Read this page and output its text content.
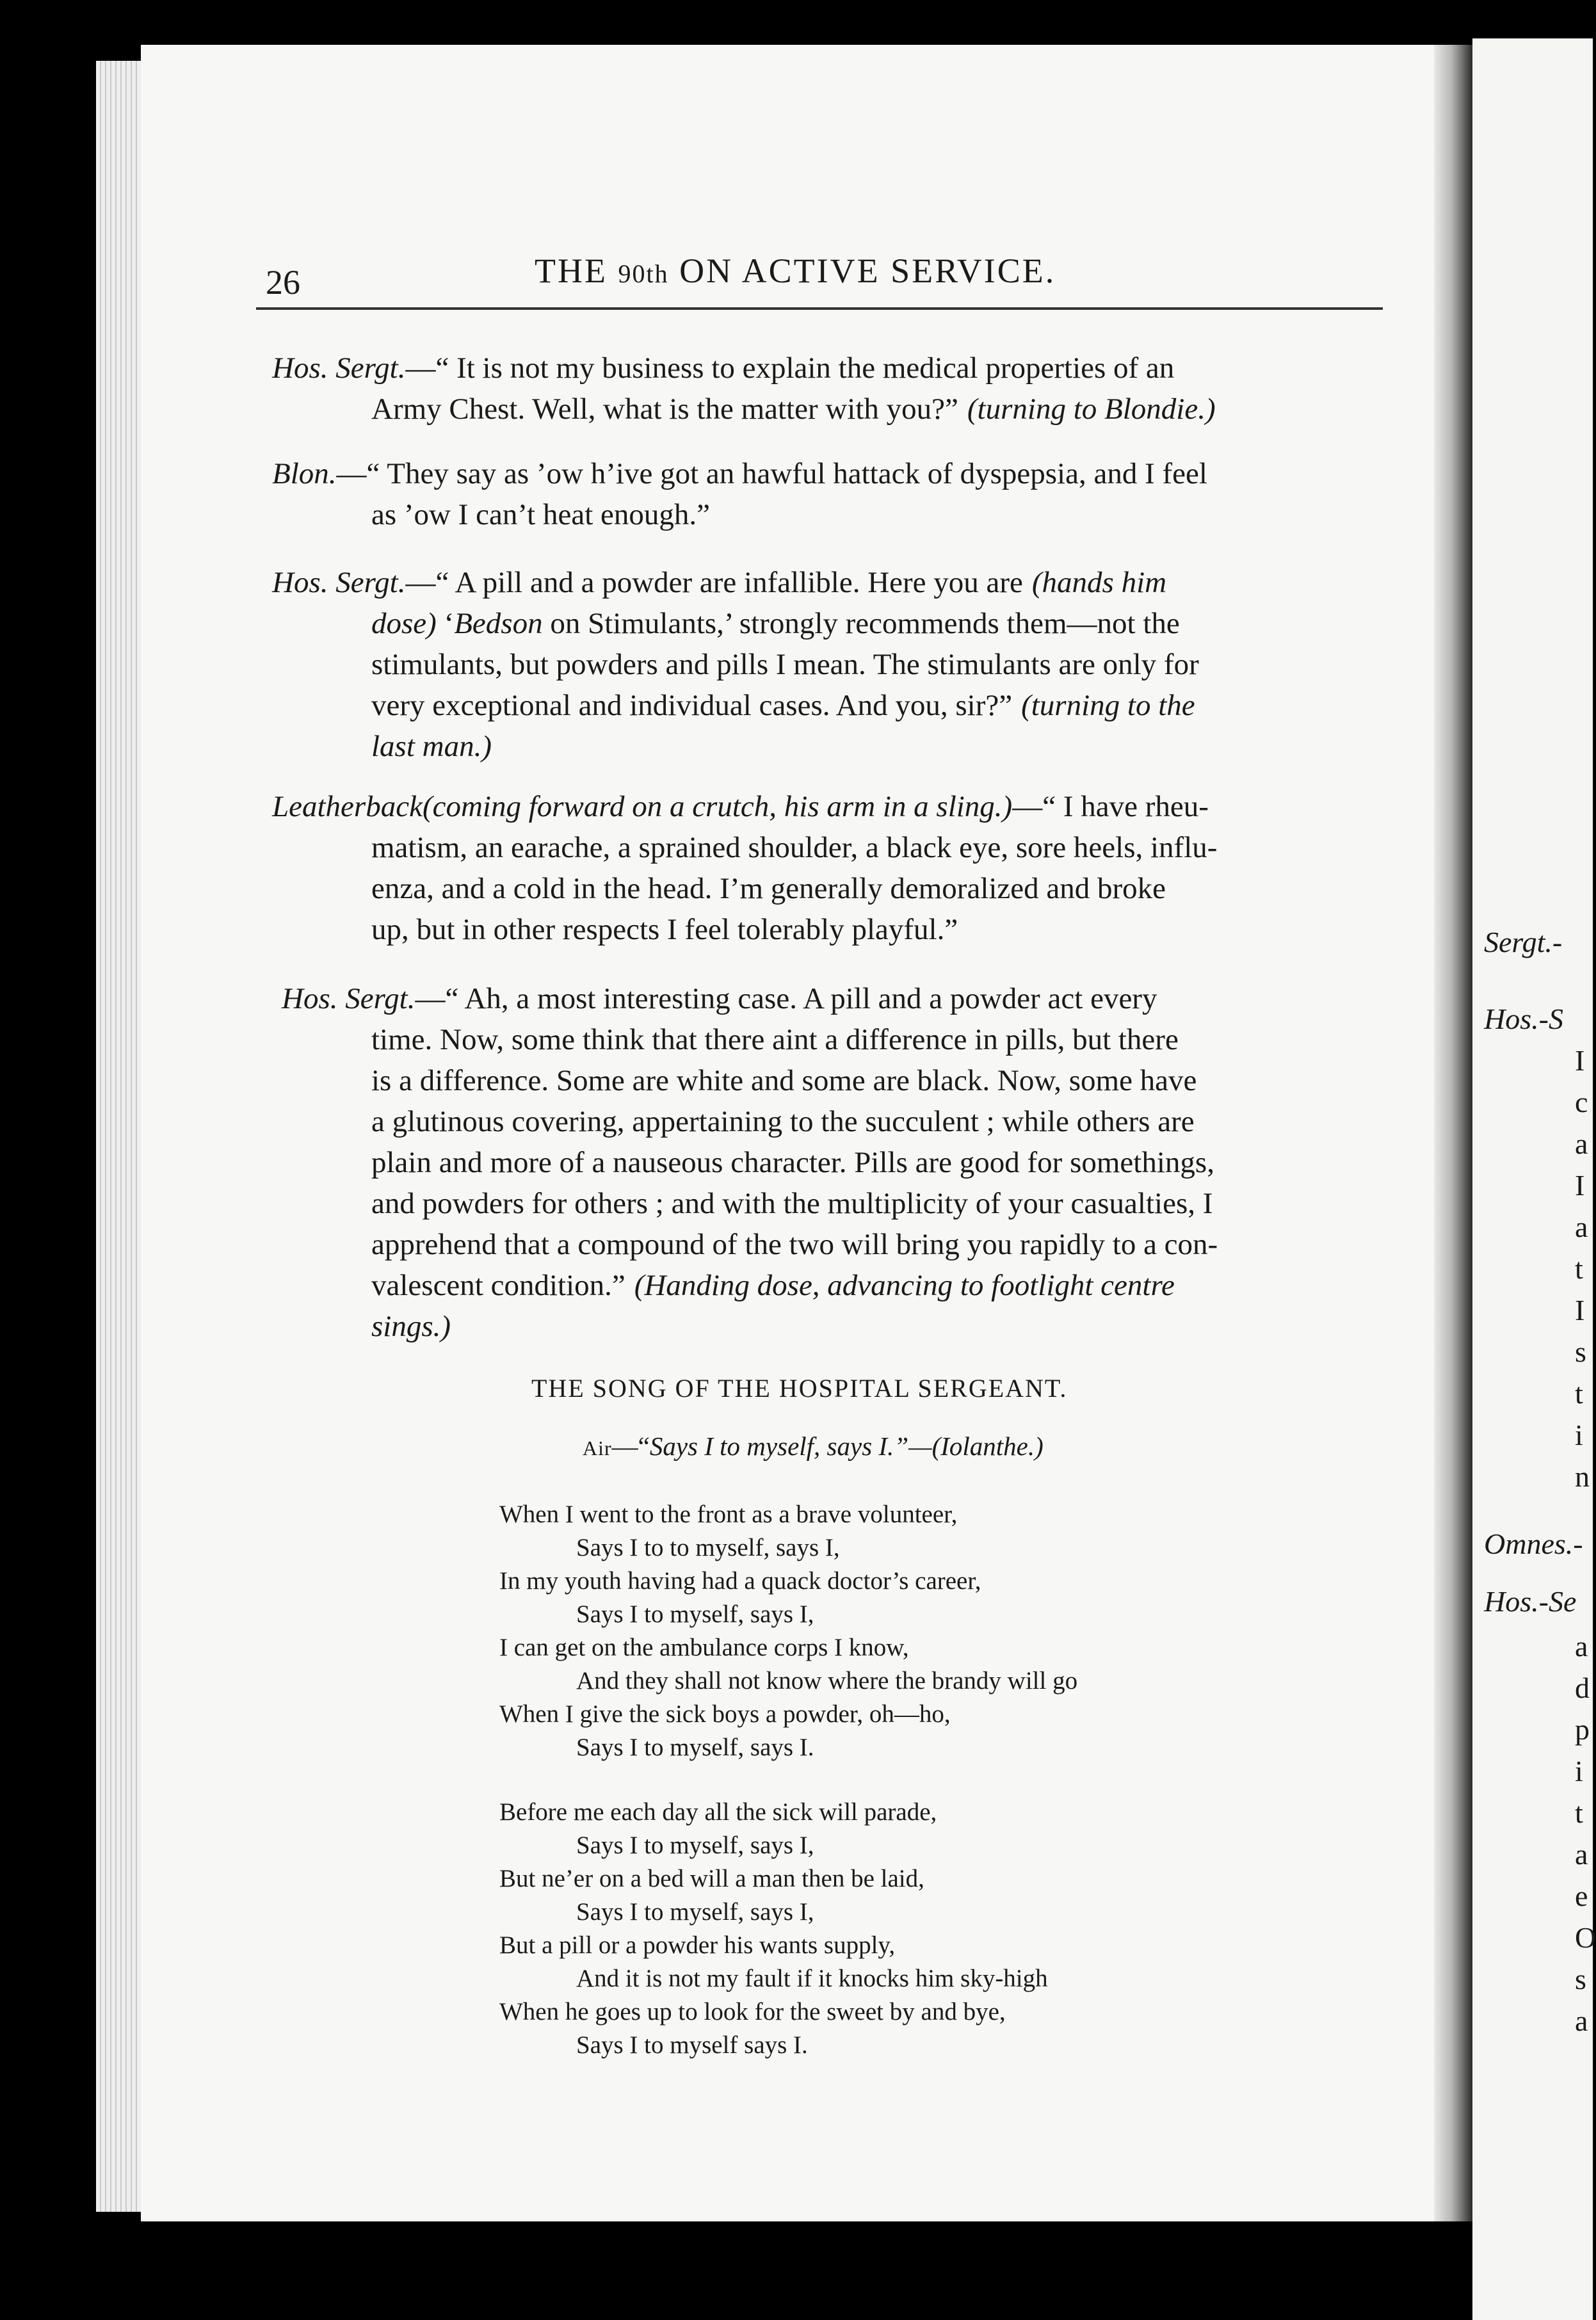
26	THE 90th ON ACTIVE SERVICE.
Hos. Sergt.—“ It is not my business to explain the medical properties of an
Army Chest. Well, what is the matter with you?” (turning to Blondie.)
Blon.—“ They say as ’ow h’ive got an hawful hattack of dyspepsia, and I feel
as ’ow I can’t heat enough.”
Hos. Sergt.—“ A pill and a powder are infallible. Here you are (hands him
dose) ‘Bedson on Stimulants,’ strongly recommends them—not the
stimulants, but powders and pills I mean. The stimulants are only for
very exceptional and individual cases. And you, sir?” (turning to the
last man.)
Leatherback(coming forward on a crutch, his arm in a sling.)—“ I have rheu-
matism, an earache, a sprained shoulder, a black eye, sore heels, influ-
enza, and a cold in the head. I’m generally demoralized and broke
up, but in other respects I feel tolerably playful.”
Hos. Sergt.—“ Ah, a most interesting case. A pill and a powder act every
time. Now, some think that there aint a difference in pills, but there
is a difference. Some are white and some are black. Now, some have
a glutinous covering, appertaining to the succulent ; while others are
plain and more of a nauseous character. Pills are good for somethings,
and powders for others ; and with the multiplicity of your casualties, I
apprehend that a compound of the two will bring you rapidly to a con-
valescent condition.” (Handing dose, advancing to footlight centre
sings.)
THE SONG OF THE HOSPITAL SERGEANT.
Air—“Says I to myself, says I.”—(Iolanthe.)
When I went to the front as a brave volunteer,
Says I to to myself, says I,
In my youth having had a quack doctor’s career,
Says I to myself, says I,
I can get on the ambulance corps I know,
And they shall not know where the brandy will go
When I give the sick boys a powder, oh—ho,
Says I to myself, says I.
Before me each day all the sick will parade,
Says I to myself, says I,
But ne’er on a bed will a man then be laid,
Says I to myself, says I,
But a pill or a powder his wants supply,
And it is not my fault if it knocks him sky-high
When he goes up to look for the sweet by and bye,
Says I to myself says I.
Sergt.-
Hos.-S
I
c
a
I
a
t
I
s
t
i
n
Omnes.-
Hos.-Se
a
d
p
i
t
a
e
O
s
a
